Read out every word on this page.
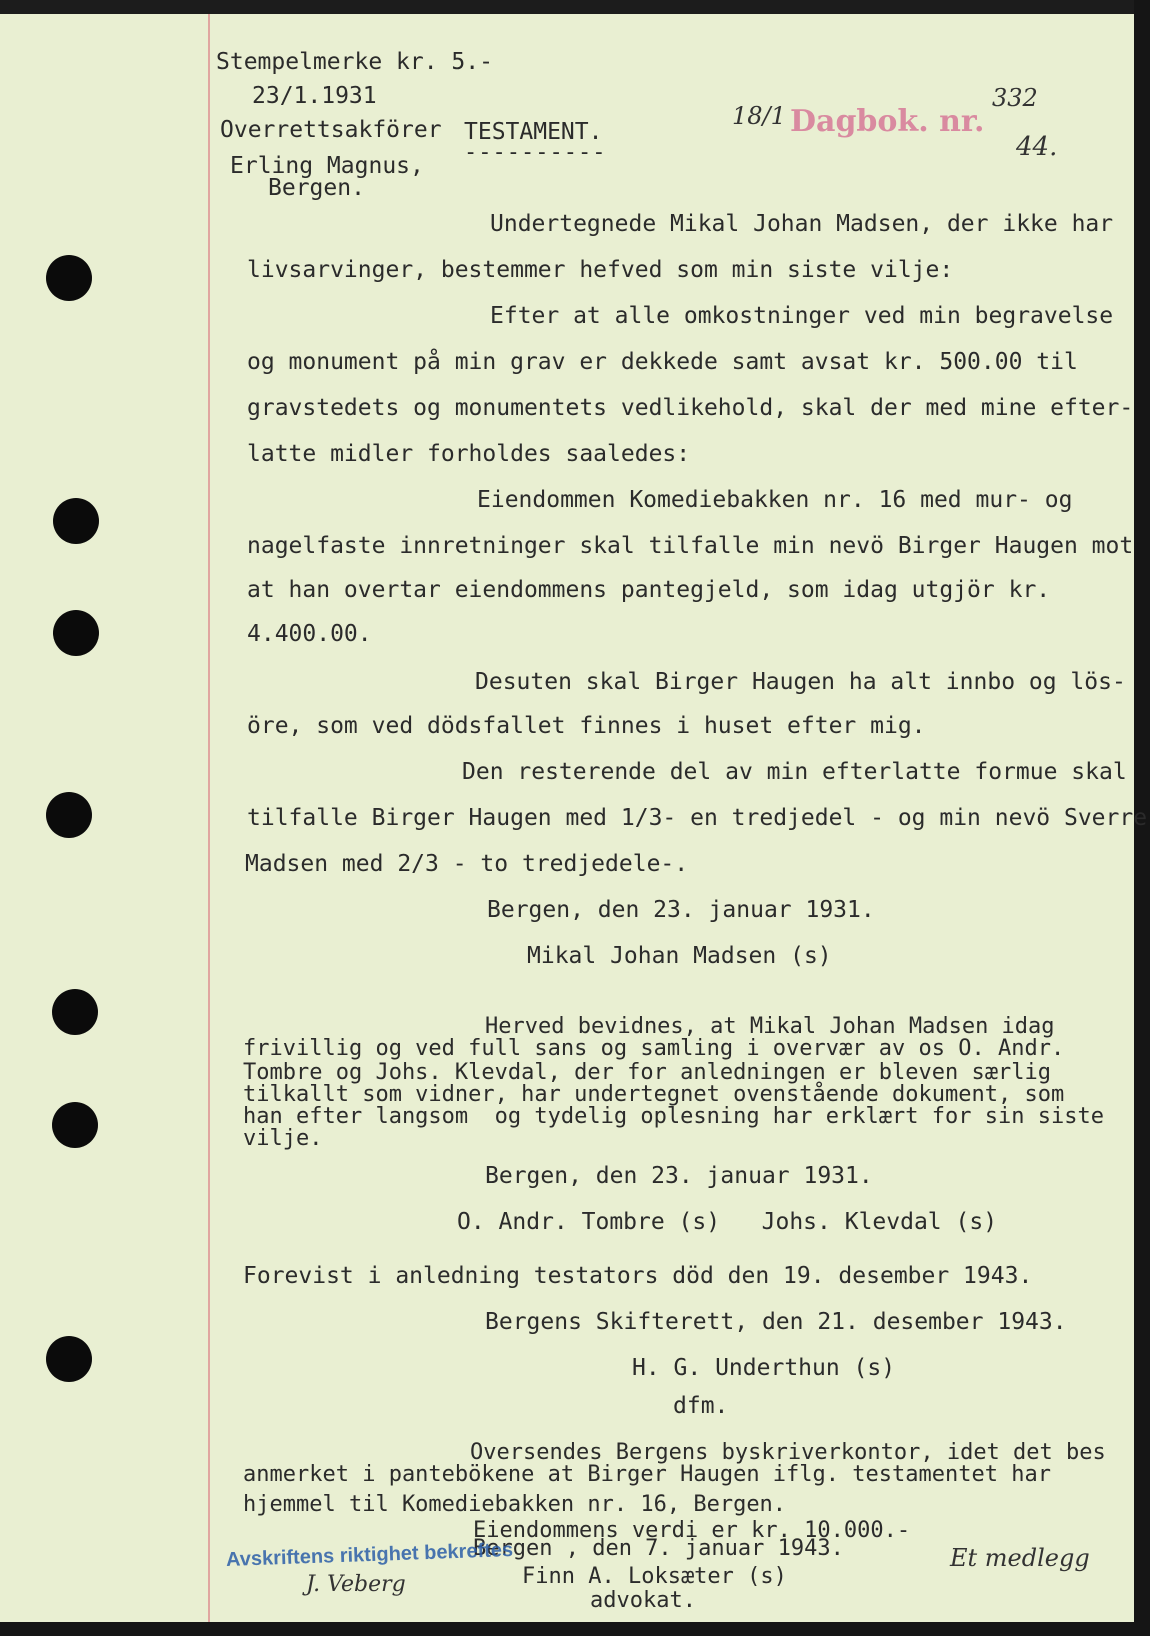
Stempelmerke kr. 5.-
23/1.1931
Overrettsakförer
Erling Magnus,
Bergen.
TESTAMENT.
----------
18/1 Dagbok. nr.
332
44.
Undertegnede Mikal Johan Madsen, der ikke har
livsarvinger, bestemmer hefved som min siste vilje:
Efter at alle omkostninger ved min begravelse
og monument på min grav er dekkede samt avsat kr. 500.00 til
gravstedets og monumentets vedlikehold, skal der med mine efter-
latte midler forholdes saaledes:
Eiendommen Komediebakken nr. 16 med mur- og
nagelfaste innretninger skal tilfalle min nevö Birger Haugen mot
at han overtar eiendommens pantegjeld, som idag utgjör kr.
4.400.00.
Desuten skal Birger Haugen ha alt innbo og lös-
öre, som ved dödsfallet finnes i huset efter mig.
Den resterende del av min efterlatte formue skal
tilfalle Birger Haugen med 1/3- en tredjedel - og min nevö Sverre
Madsen med 2/3 - to tredjedele-.
Bergen, den 23. januar 1931.
Mikal Johan Madsen (s)
Herved bevidnes, at Mikal Johan Madsen idag
frivillig og ved full sans og samling i overvær av os O. Andr.
Tombre og Johs. Klevdal, der for anledningen er bleven særlig
tilkallt som vidner, har undertegnet ovenstående dokument, som
han efter langsom  og tydelig oplesning har erklært for sin siste
vilje.
Bergen, den 23. januar 1931.
O. Andr. Tombre (s)   Johs. Klevdal (s)
Forevist i anledning testators död den 19. desember 1943.
Bergens Skifterett, den 21. desember 1943.
H. G. Underthun (s)
dfm.
Oversendes Bergens byskriverkontor, idet det bes
anmerket i pantebökene at Birger Haugen iflg. testamentet har
hjemmel til Komediebakken nr. 16, Bergen.
Eiendommens verdi er kr. 10.000.-
Bergen , den 7. januar 1943.
Finn A. Loksæter (s)
advokat.
Avskriftens riktighet bekreftes
J. Veberg
Et medlegg
